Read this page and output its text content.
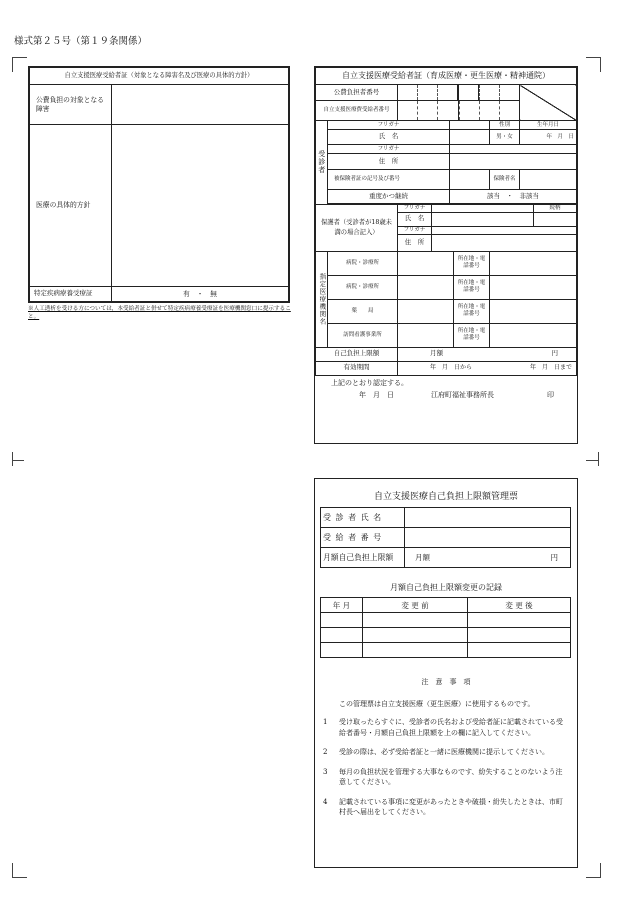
様式第２５号（第１９条関係）
自立支援医療受給者証（対象となる障害名及び医療の具体的方針）	
公費負担の対象となる障害	
医療の具体的方針	
特定疾病療養受療証	有　・　無
※人工透析を受ける方については，本受給者証と併せて特定疾病療養受療証を医療機関窓口に提示すること。
自立支援医療受給者証（育成医療・更生医療・精神通院）					
公費負担者番号				

自立支援医療費受給者番号					

受診者	フリガナ			性別	生年月日
	氏　名			男・女	年　月　日
	フリガナ				
	住　所				
	被保険者証の記号及び番号			保険者名	
	重度かつ継続		該当　・　非該当		

保護者（受診者が18歳未満の場合記入）	フリガナ		続柄
	氏　名		
	フリガナ		
	住　所		
指定医療機関名	病院・診療所		所在地・電話番号	
	病院・診療所		所在地・電話番号	
	薬　　局		所在地・電話番号	
	訪問看護事業所		所在地・電話番号	
自己負担上限額	月額 円

有効期間	年　月　日から 年　月　日まで
上記のとおり認定する。
年　月　日	江府町福祉事務所長	印
自立支援医療自己負担上限額管理票
受 診 者 氏 名	
受 給 者 番 号	
月額自己負担上限額	月額 円
月額自己負担上限額変更の記録
年 月	変 更 前	変 更 後

注　意　事　項
この管理票は自立支援医療（更生医療）に使用するものです。
1	受け取ったらすぐに、受診者の氏名および受給者証に記載されている受給者番号・月額自己負担上限額を上の欄に記入してください。
2	受診の際は、必ず受給者証と一緒に医療機関に提示してください。
3	毎月の負担状況を管理する大事なものです、紛失することのないよう注意してください。
4	記載されている事項に変更があったときや破損・紛失したときは、市町村長へ届出をしてください。
